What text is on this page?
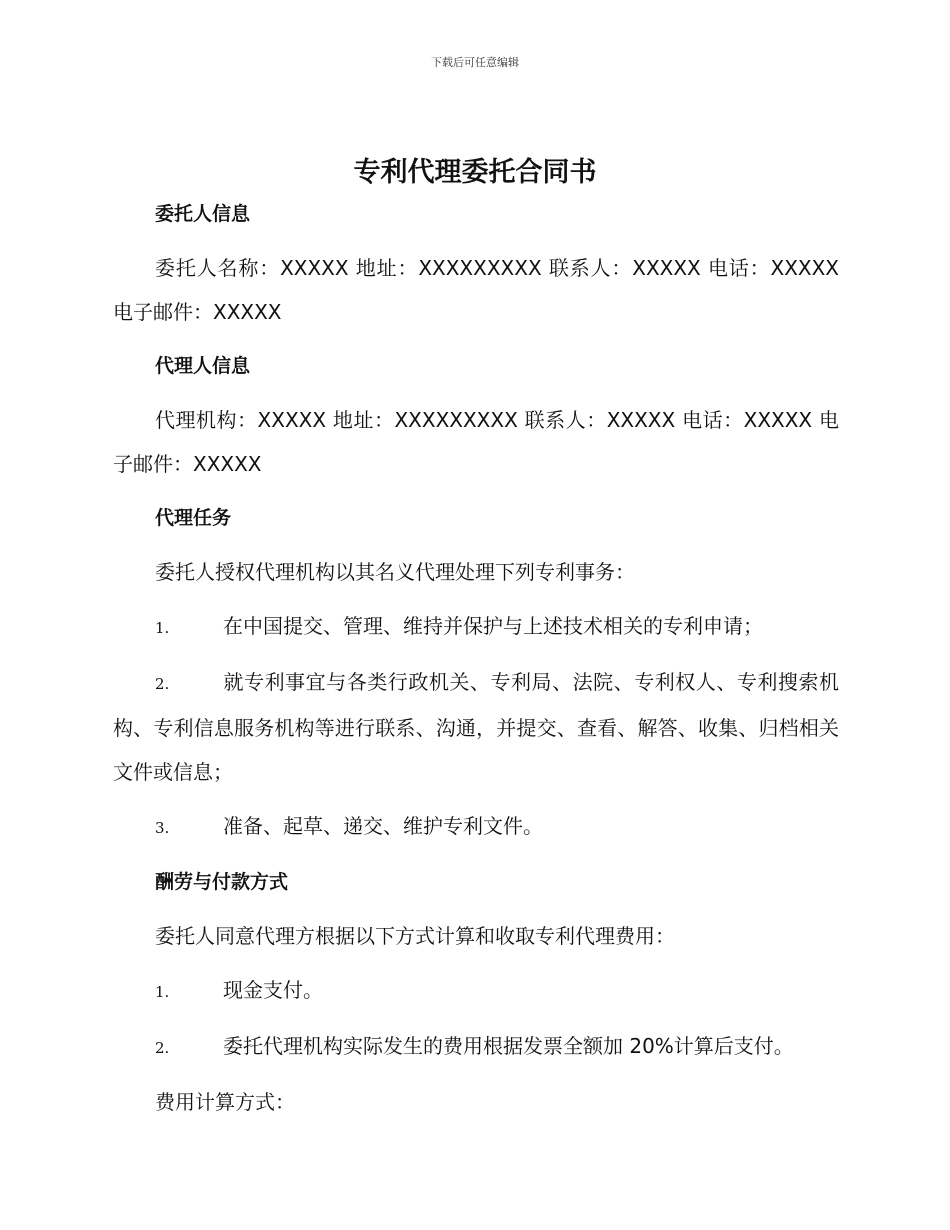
下载后可任意编辑
专利代理委托合同书
委托人信息
委托人名称：XXXXX 地址：XXXXXXXXX 联系人：XXXXX 电话：XXXXX 电子邮件：XXXXX
代理人信息
代理机构：XXXXX 地址：XXXXXXXXX 联系人：XXXXX 电话：XXXXX 电子邮件：XXXXX
代理任务
委托人授权代理机构以其名义代理处理下列专利事务：
1.	在中国提交、管理、维持并保护与上述技术相关的专利申请；
2.	就专利事宜与各类行政机关、专利局、法院、专利权人、专利搜索机构、专利信息服务机构等进行联系、沟通，并提交、查看、解答、收集、归档相关文件或信息；
3.	准备、起草、递交、维护专利文件。
酬劳与付款方式
委托人同意代理方根据以下方式计算和收取专利代理费用：
1.	现金支付。
2.	委托代理机构实际发生的费用根据发票全额加 20%计算后支付。
费用计算方式：
